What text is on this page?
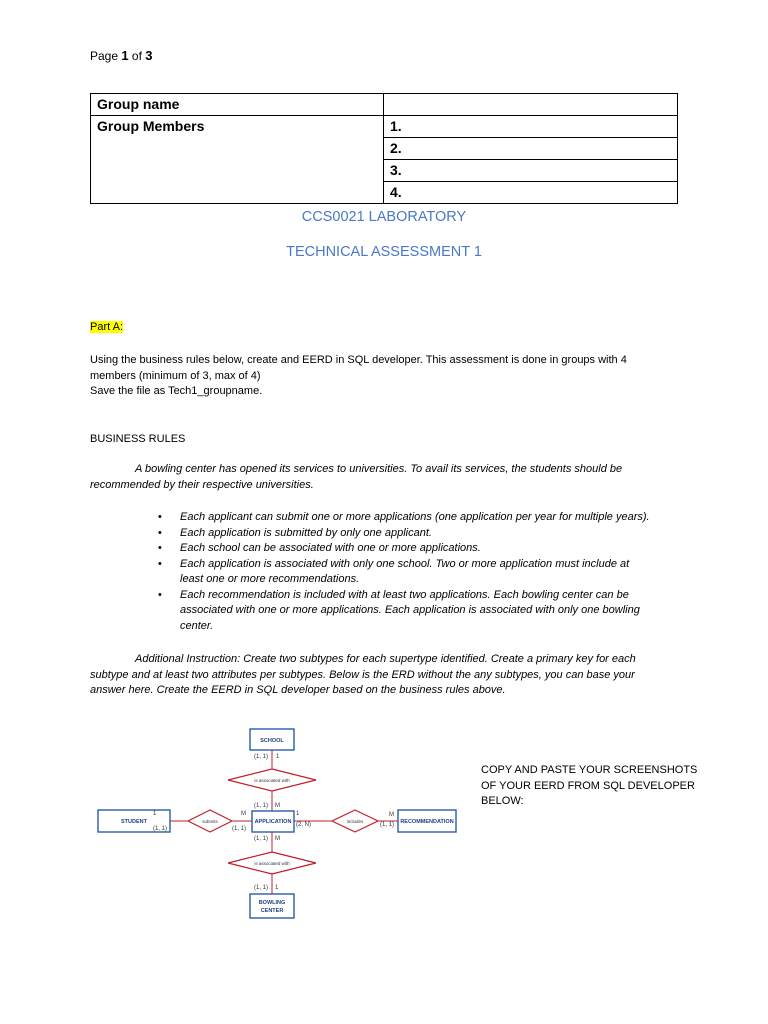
Page 1 of 3
Group name	
Group Members	1.
	2.
	3.
	4.
CCS0021 LABORATORY
TECHNICAL ASSESSMENT 1
Part A:
Using the business rules below, create and EERD in SQL developer. This assessment is done in groups with 4
members (minimum of 3, max of 4)
Save the file as Tech1_groupname.
BUSINESS RULES
A bowling center has opened its services to universities. To avail its services, the students should be
recommended by their respective universities.
• Each applicant can submit one or more applications (one application per year for multiple years).
• Each application is submitted by only one applicant.
• Each school can be associated with one or more applications.
• Each application is associated with only one school. Two or more application must include at least one or more recommendations.
• Each recommendation is included with at least two applications. Each bowling center can be associated with one or more applications. Each application is associated with only one bowling center.
Additional Instruction: Create two subtypes for each supertype identified. Create a primary key for each
subtype and at least two attributes per subtypes. Below is the ERD without the any subtypes, you can base your
answer here. Create the EERD in SQL developer based on the business rules above.
SCHOOL
STUDENT	APPLICATION	RECOMMENDATION
BOWLING
CENTER
is associated with
submits	includes
is associated with
(1, 1) 1
(1, 1) M
1
(1, 1)
M
(1, 1)
1
(2, N)
M
(1, 1)
(1, 1) M
(1, 1) 1
COPY AND PASTE YOUR SCREENSHOTS
OF YOUR EERD FROM SQL DEVELOPER
BELOW:
